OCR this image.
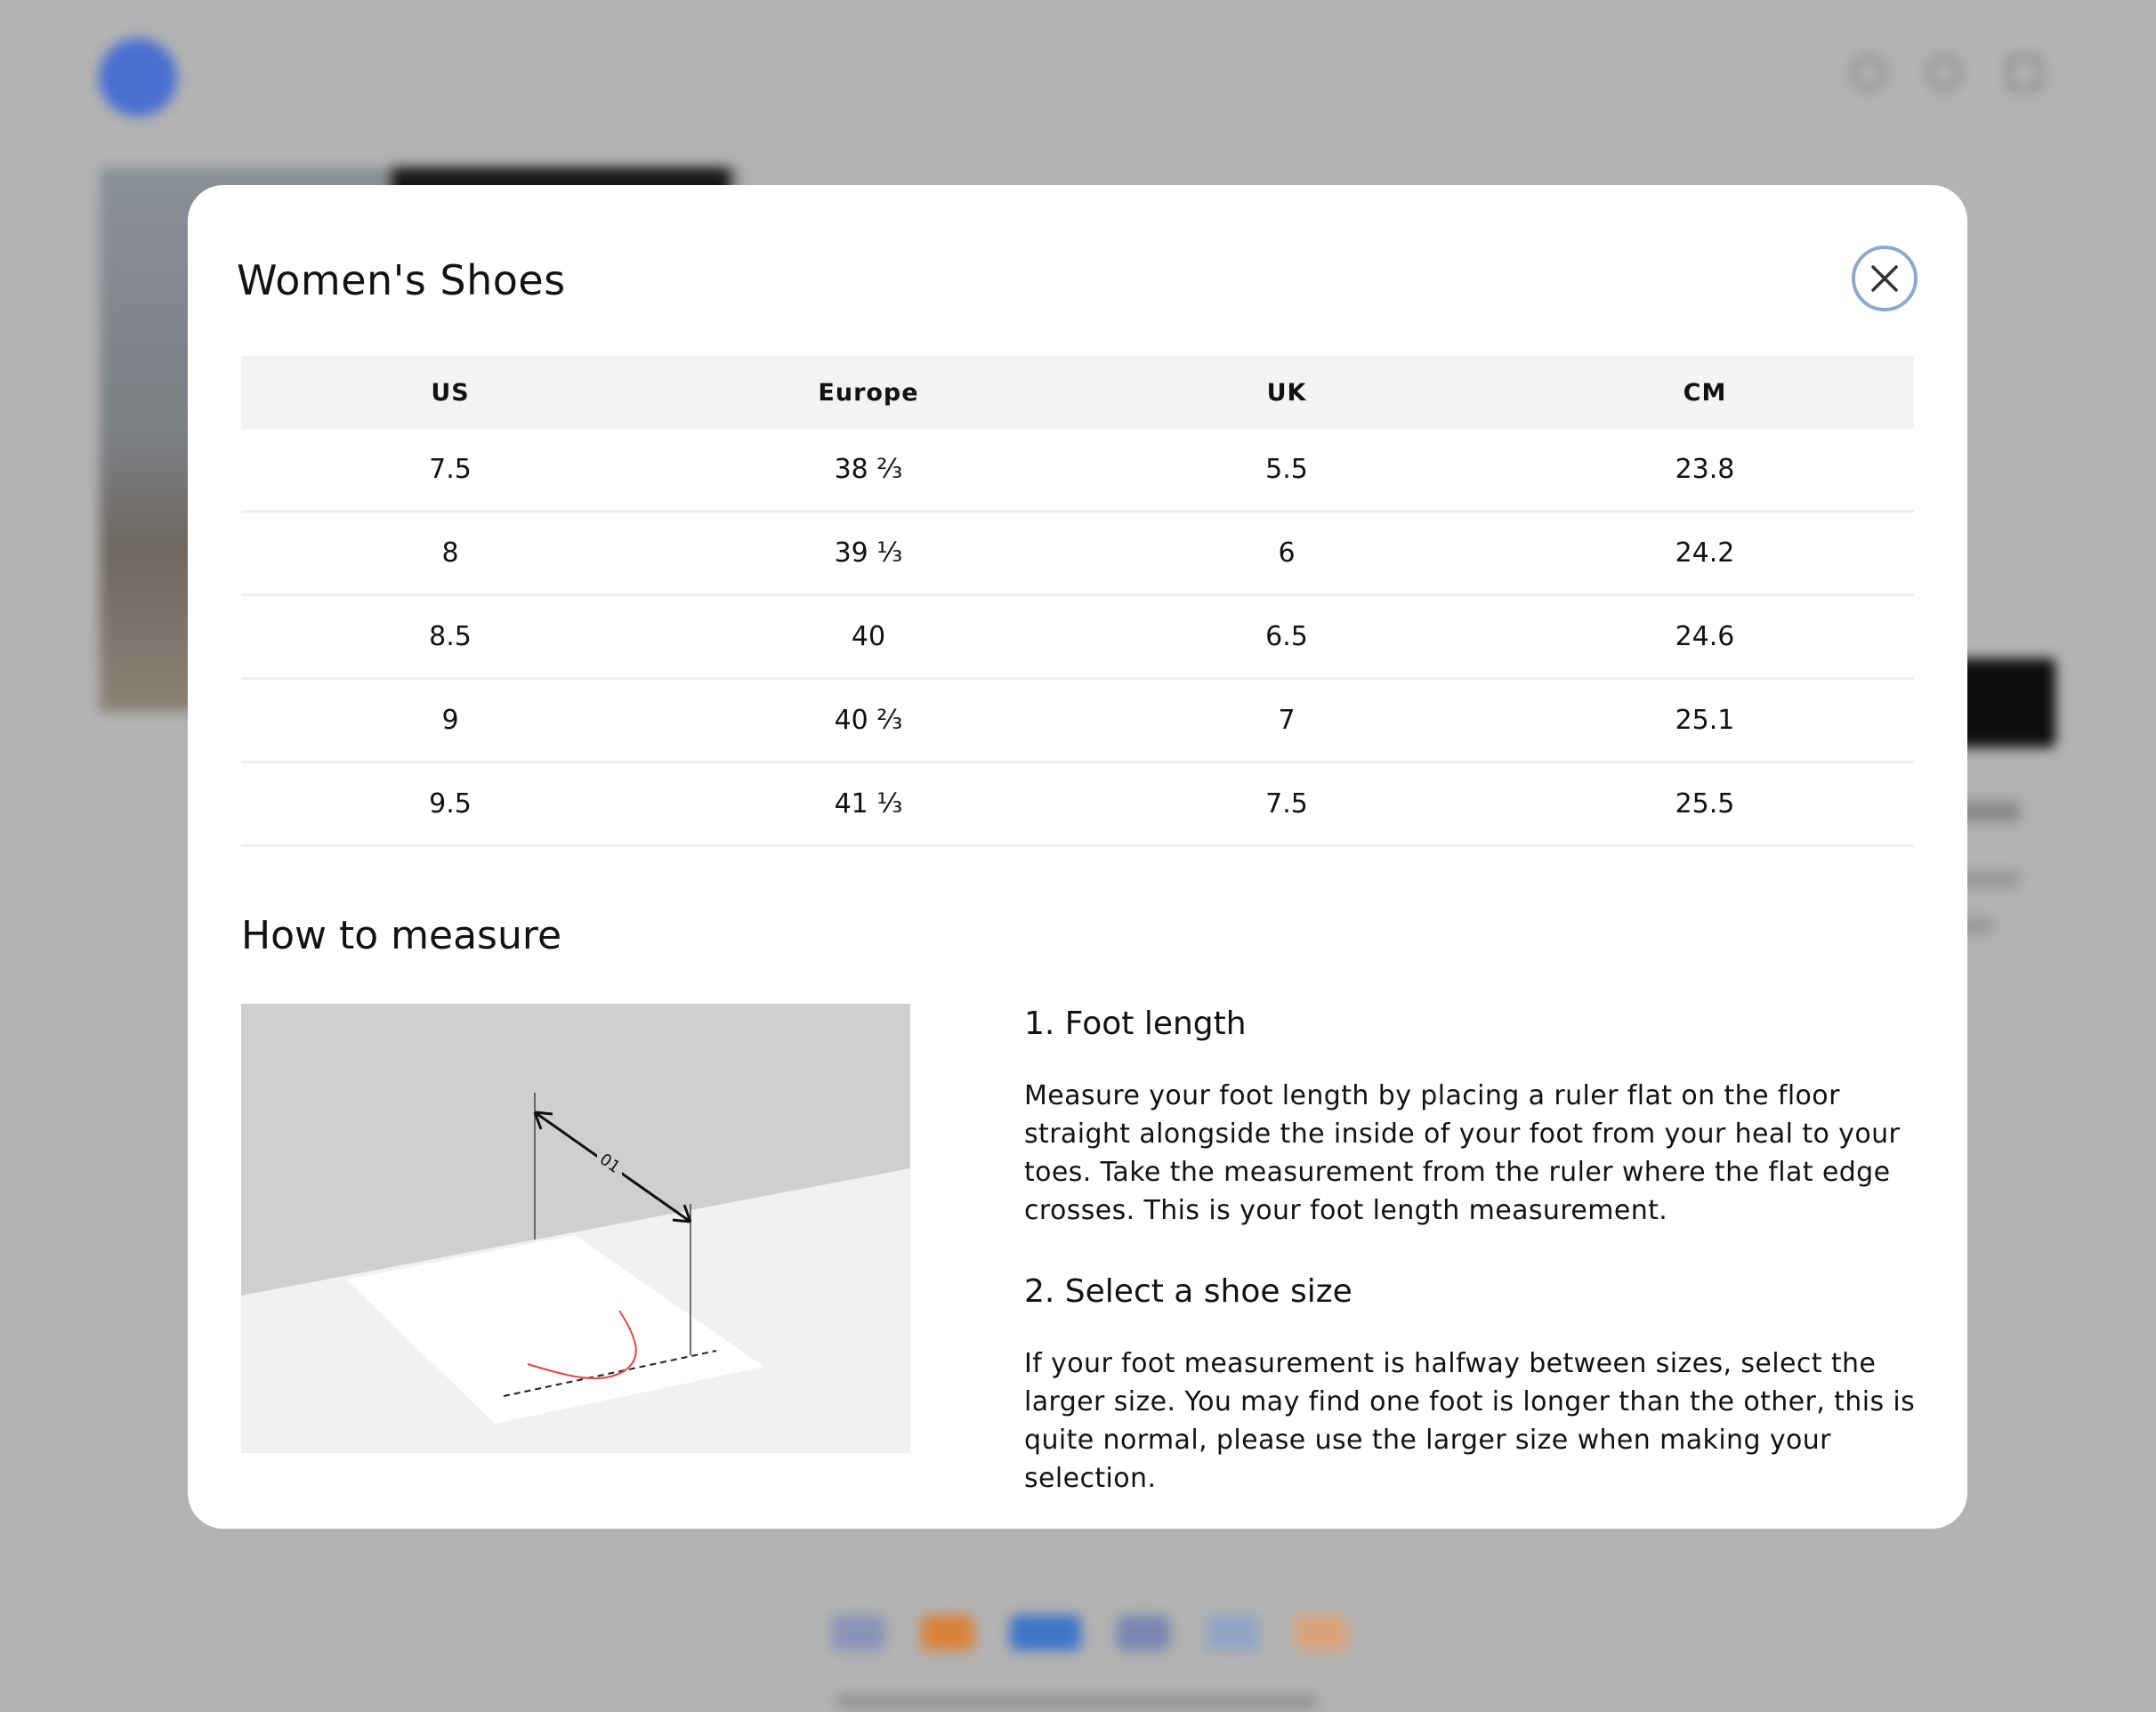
Women's Shoes
US	Europe	UK	CM
7.5	38 ⅔	5.5	23.8
8	39 ⅓	6	24.2
8.5	40	6.5	24.6
9	40 ⅔	7	25.1
9.5	41 ⅓	7.5	25.5
How to measure
01
1. Foot length

Measure your foot length by placing a ruler flat on the floor straight alongside the inside of your foot from your heal to your toes. Take the measurement from the ruler where the flat edge crosses. This is your foot length measurement.

2. Select a shoe size

If your foot measurement is halfway between sizes, select the larger size. You may find one foot is longer than the other, this is quite normal, please use the larger size when making your selection.
